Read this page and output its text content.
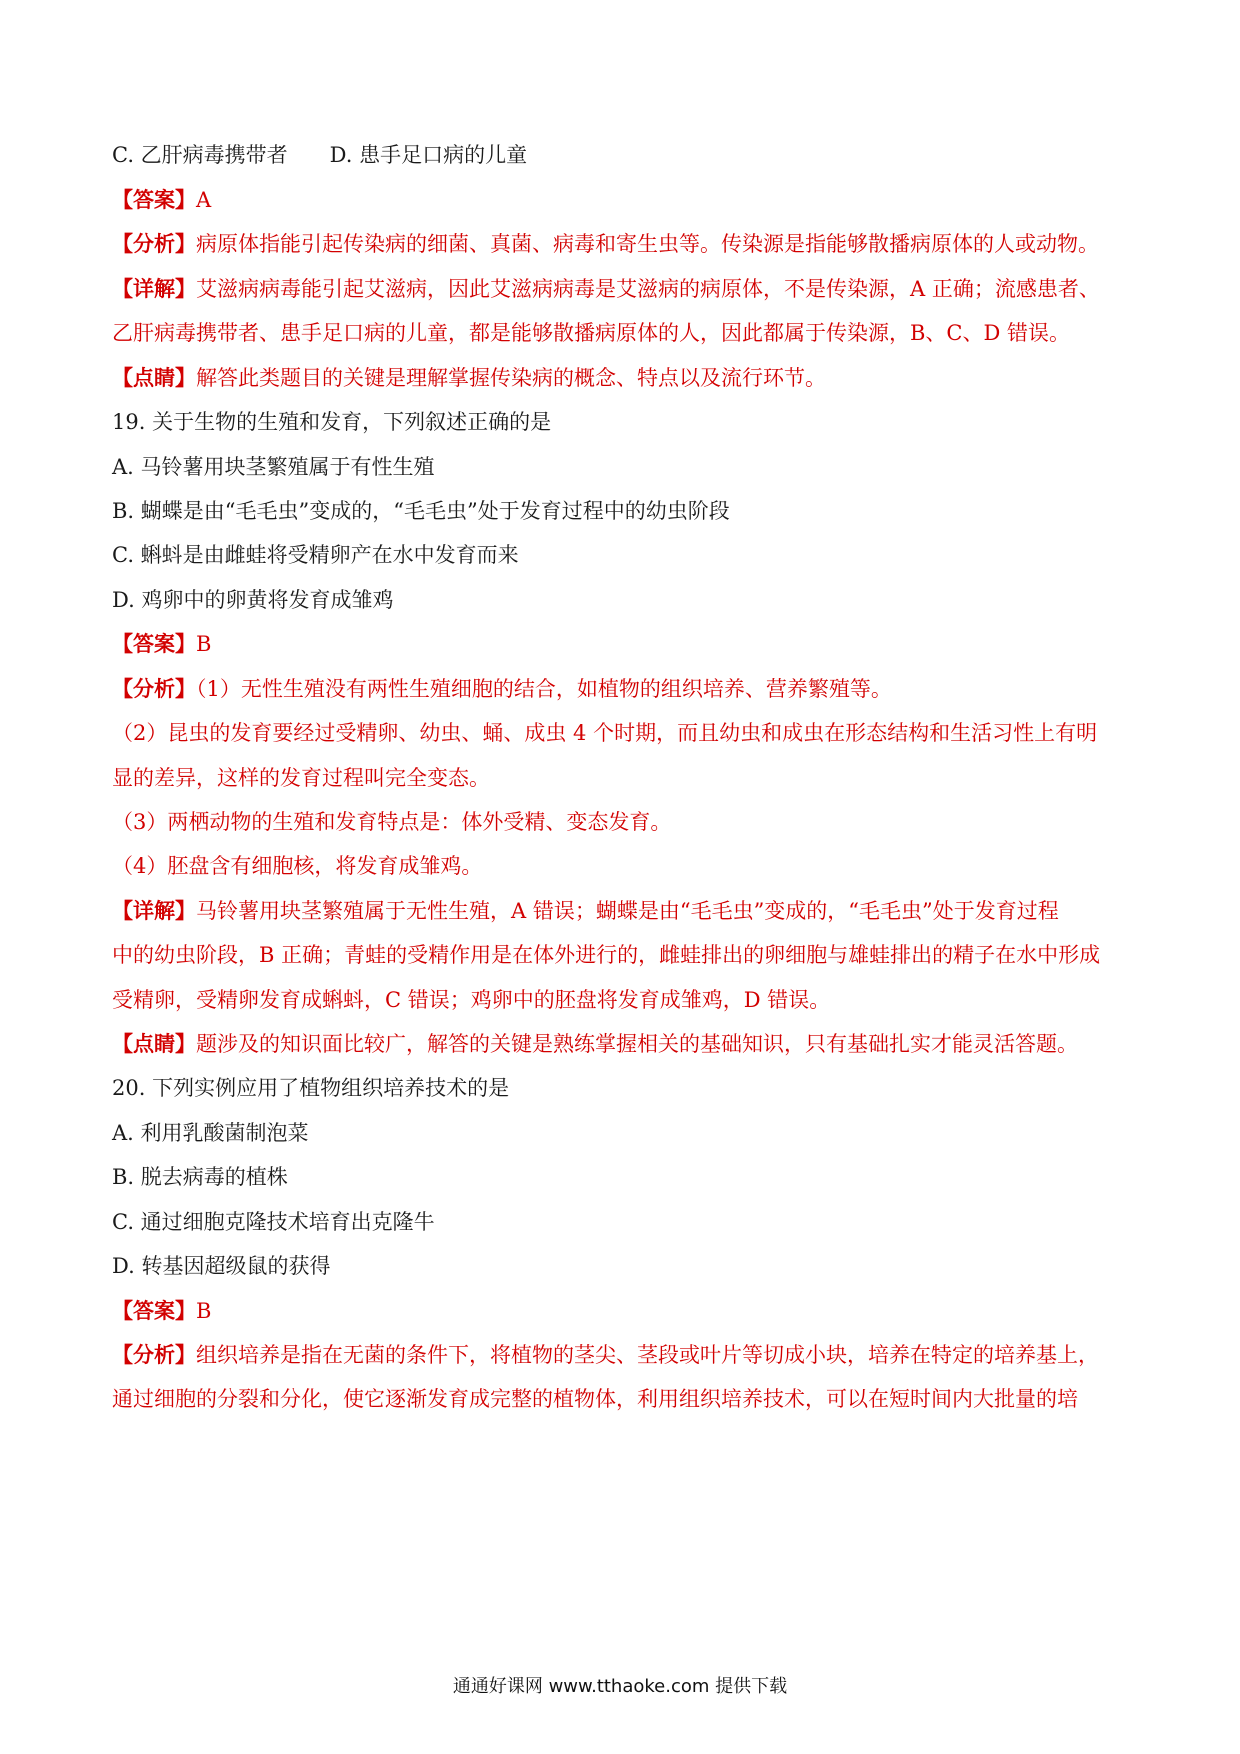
C. 乙肝病毒携带者 D. 患手足口病的儿童
【答案】A
【分析】病原体指能引起传染病的细菌、真菌、病毒和寄生虫等。传染源是指能够散播病原体的人或动物。
【详解】艾滋病病毒能引起艾滋病，因此艾滋病病毒是艾滋病的病原体，不是传染源，A 正确；流感患者、
乙肝病毒携带者、患手足口病的儿童，都是能够散播病原体的人，因此都属于传染源，B、C、D 错误。
【点睛】解答此类题目的关键是理解掌握传染病的概念、特点以及流行环节。
19. 关于生物的生殖和发育，下列叙述正确的是
A. 马铃薯用块茎繁殖属于有性生殖
B. 蝴蝶是由“毛毛虫”变成的，“毛毛虫”处于发育过程中的幼虫阶段
C. 蝌蚪是由雌蛙将受精卵产在水中发育而来
D. 鸡卵中的卵黄将发育成雏鸡
【答案】B
【分析】（1）无性生殖没有两性生殖细胞的结合，如植物的组织培养、营养繁殖等。
（2）昆虫的发育要经过受精卵、幼虫、蛹、成虫 4 个时期，而且幼虫和成虫在形态结构和生活习性上有明
显的差异，这样的发育过程叫完全变态。
（3）两栖动物的生殖和发育特点是：体外受精、变态发育。
（4）胚盘含有细胞核，将发育成雏鸡。
【详解】马铃薯用块茎繁殖属于无性生殖，A 错误；蝴蝶是由“毛毛虫”变成的，“毛毛虫”处于发育过程
中的幼虫阶段，B 正确；青蛙的受精作用是在体外进行的，雌蛙排出的卵细胞与雄蛙排出的精子在水中形成
受精卵，受精卵发育成蝌蚪，C 错误；鸡卵中的胚盘将发育成雏鸡，D 错误。
【点睛】题涉及的知识面比较广，解答的关键是熟练掌握相关的基础知识，只有基础扎实才能灵活答题。
20. 下列实例应用了植物组织培养技术的是
A. 利用乳酸菌制泡菜
B. 脱去病毒的植株
C. 通过细胞克隆技术培育出克隆牛
D. 转基因超级鼠的获得
【答案】B
【分析】组织培养是指在无菌的条件下，将植物的茎尖、茎段或叶片等切成小块，培养在特定的培养基上，
通过细胞的分裂和分化，使它逐渐发育成完整的植物体，利用组织培养技术，可以在短时间内大批量的培
通通好课网 www.tthaoke.com 提供下载
